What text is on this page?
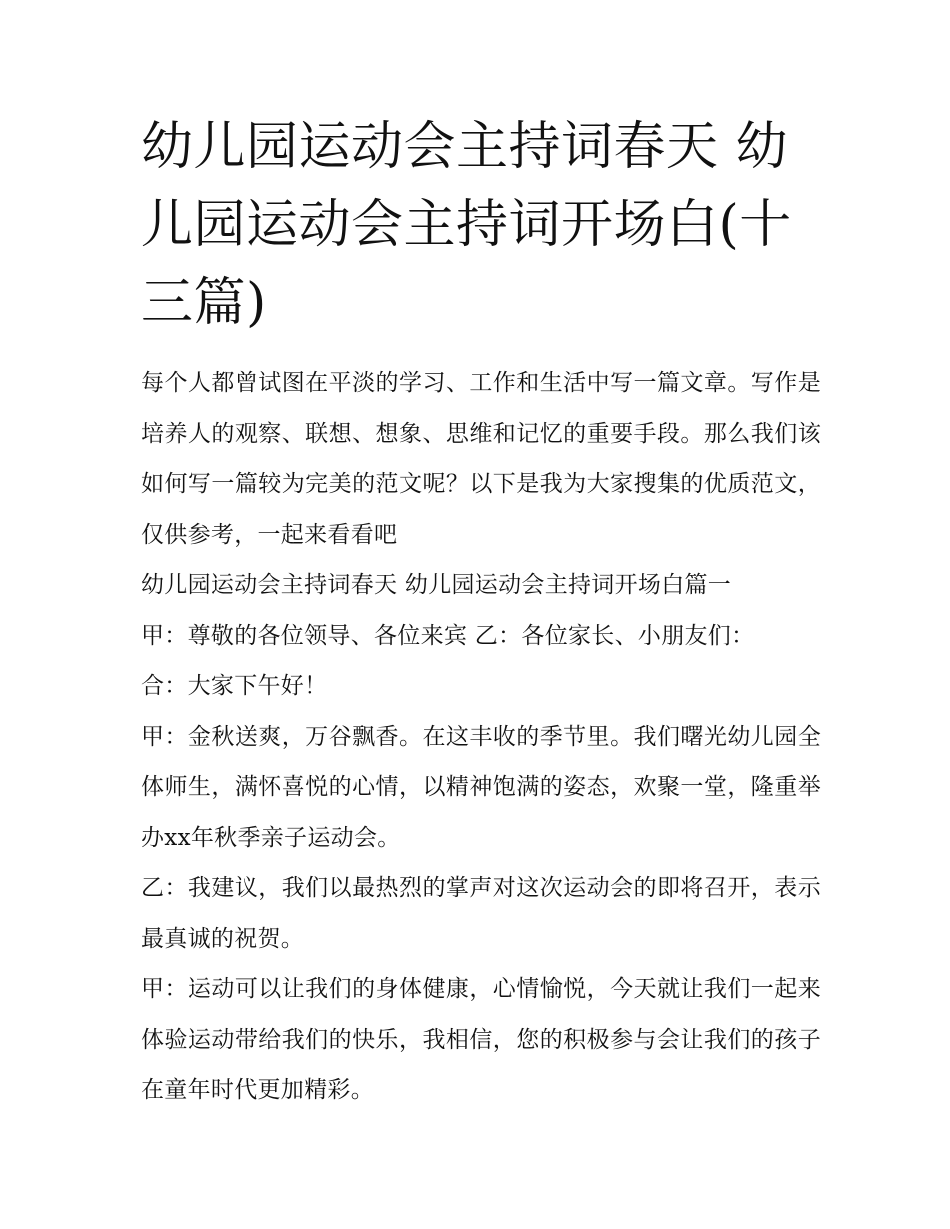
幼儿园运动会主持词春天 幼儿园运动会主持词开场白(十三篇)

每个人都曾试图在平淡的学习、工作和生活中写一篇文章。写作是培养人的观察、联想、想象、思维和记忆的重要手段。那么我们该如何写一篇较为完美的范文呢？以下是我为大家搜集的优质范文，仅供参考，一起来看看吧

幼儿园运动会主持词春天 幼儿园运动会主持词开场白篇一

甲：尊敬的各位领导、各位来宾 乙：各位家长、小朋友们：

合：大家下午好！

甲：金秋送爽，万谷飘香。在这丰收的季节里。我们曙光幼儿园全体师生，满怀喜悦的心情，以精神饱满的姿态，欢聚一堂，隆重举办xx年秋季亲子运动会。

乙：我建议，我们以最热烈的掌声对这次运动会的即将召开，表示最真诚的祝贺。

甲：运动可以让我们的身体健康，心情愉悦，今天就让我们一起来体验运动带给我们的快乐，我相信，您的积极参与会让我们的孩子在童年时代更加精彩。
